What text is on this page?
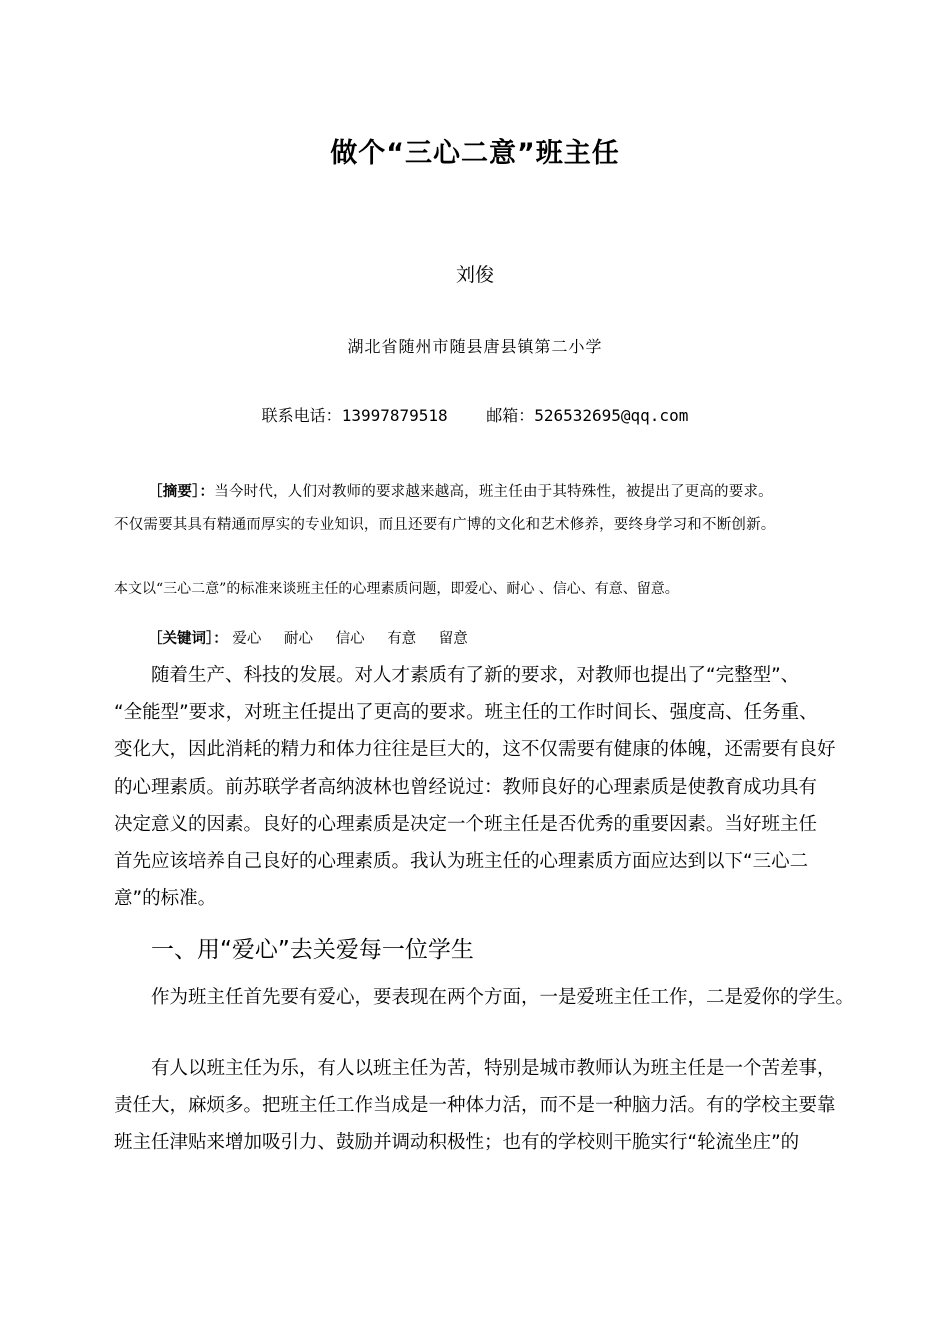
做个“三心二意”班主任
刘俊
湖北省随州市随县唐县镇第二小学
联系电话：13997879518 邮箱：526532695@qq.com
［摘要］：当今时代，人们对教师的要求越来越高，班主任由于其特殊性，被提出了更高的要求。
不仅需要其具有精通而厚实的专业知识，而且还要有广博的文化和艺术修养，要终身学习和不断创新。
本文以“三心二意”的标准来谈班主任的心理素质问题，即爱心、耐心 、信心、有意、留意。
［关键词］： 爱心 耐心 信心 有意 留意
随着生产、科技的发展。对人才素质有了新的要求，对教师也提出了“完整型”、
“全能型”要求，对班主任提出了更高的要求。班主任的工作时间长、强度高、任务重、
变化大，因此消耗的精力和体力往往是巨大的，这不仅需要有健康的体魄，还需要有良好
的心理素质。前苏联学者高纳波林也曾经说过：教师良好的心理素质是使教育成功具有
决定意义的因素。良好的心理素质是决定一个班主任是否优秀的重要因素。当好班主任
首先应该培养自己良好的心理素质。我认为班主任的心理素质方面应达到以下“三心二
意”的标准。
一、用“爱心”去关爱每一位学生
作为班主任首先要有爱心，要表现在两个方面，一是爱班主任工作，二是爱你的学生。
有人以班主任为乐，有人以班主任为苦，特别是城市教师认为班主任是一个苦差事，
责任大，麻烦多。把班主任工作当成是一种体力活，而不是一种脑力活。有的学校主要靠
班主任津贴来增加吸引力、鼓励并调动积极性；也有的学校则干脆实行“轮流坐庄”的
